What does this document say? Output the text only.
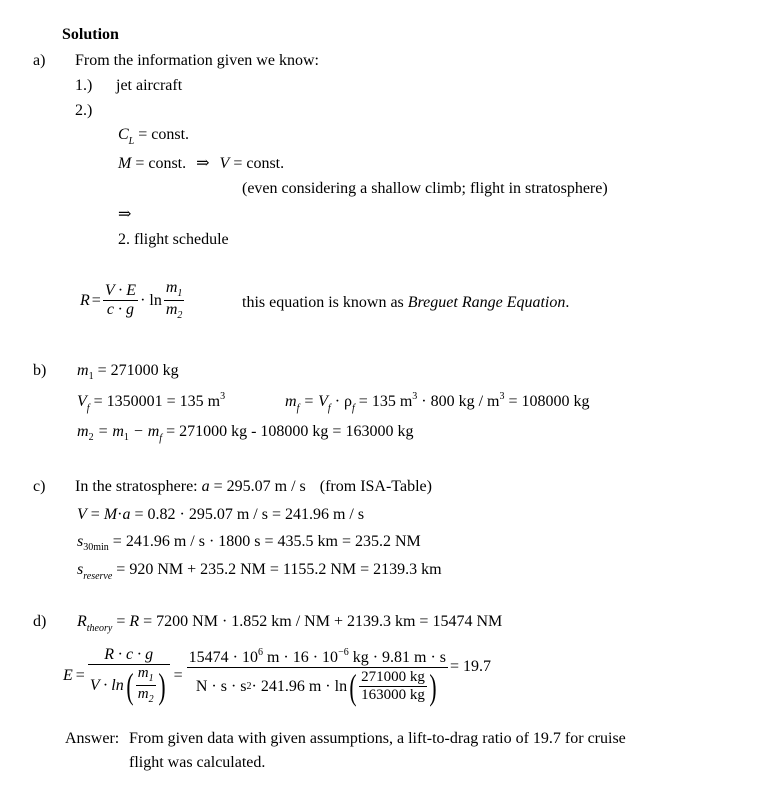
Solution
a) From the information given we know:
1.) jet aircraft
2.)
$C_L$ = const.
M = const. ⇒ V = const.
(even considering a shallow climb; flight in stratosphere)
⇒
2. flight schedule
$R = \frac{V \cdot E}{c \cdot g} \cdot \ln \frac{m_1}{m_2}$	this equation is known as Breguet Range Equation.
b) $m_1 = 271000$ kg
$V_f = 1350001 = 135$ $m^3$	$m_f = V_f \cdot \rho_f = 135$ $m^3 \cdot 800$ kg / $m^3 = 108000$ kg
$m_2 = m_1 - m_f = 271000$ kg - 108000 kg = 163000 kg
c) In the stratosphere: a = 295.07 m / s (from ISA-Table)
V = M·a = 0.82 · 295.07 m / s = 241.96 m / s
$s_{30min} = 241.96$ m / s · 1800 s = 435.5 km = 235.2 NM
$s_{reserve} = 920$ NM + 235.2 NM = 1155.2 NM = 2139.3 km
d) $R_{theory} = R = 7200$ NM · 1.852 km / NM + 2139.3 km = 15474 NM
E =
R · c · g
V · ln ( $\frac{m_1}{m_2}$ ) =
$15474 \cdot 10^6$ $m \cdot 16 \cdot 10^{-6}$ kg · 9.81 m · s
N · s · s 2 · 241.96 m · ln ( $\frac{271000 kg}{163000 kg}$ ) = 19.7
Answer: From given data with given assumptions, a lift-to-drag ratio of 19.7 for cruise
flight was calculated.
